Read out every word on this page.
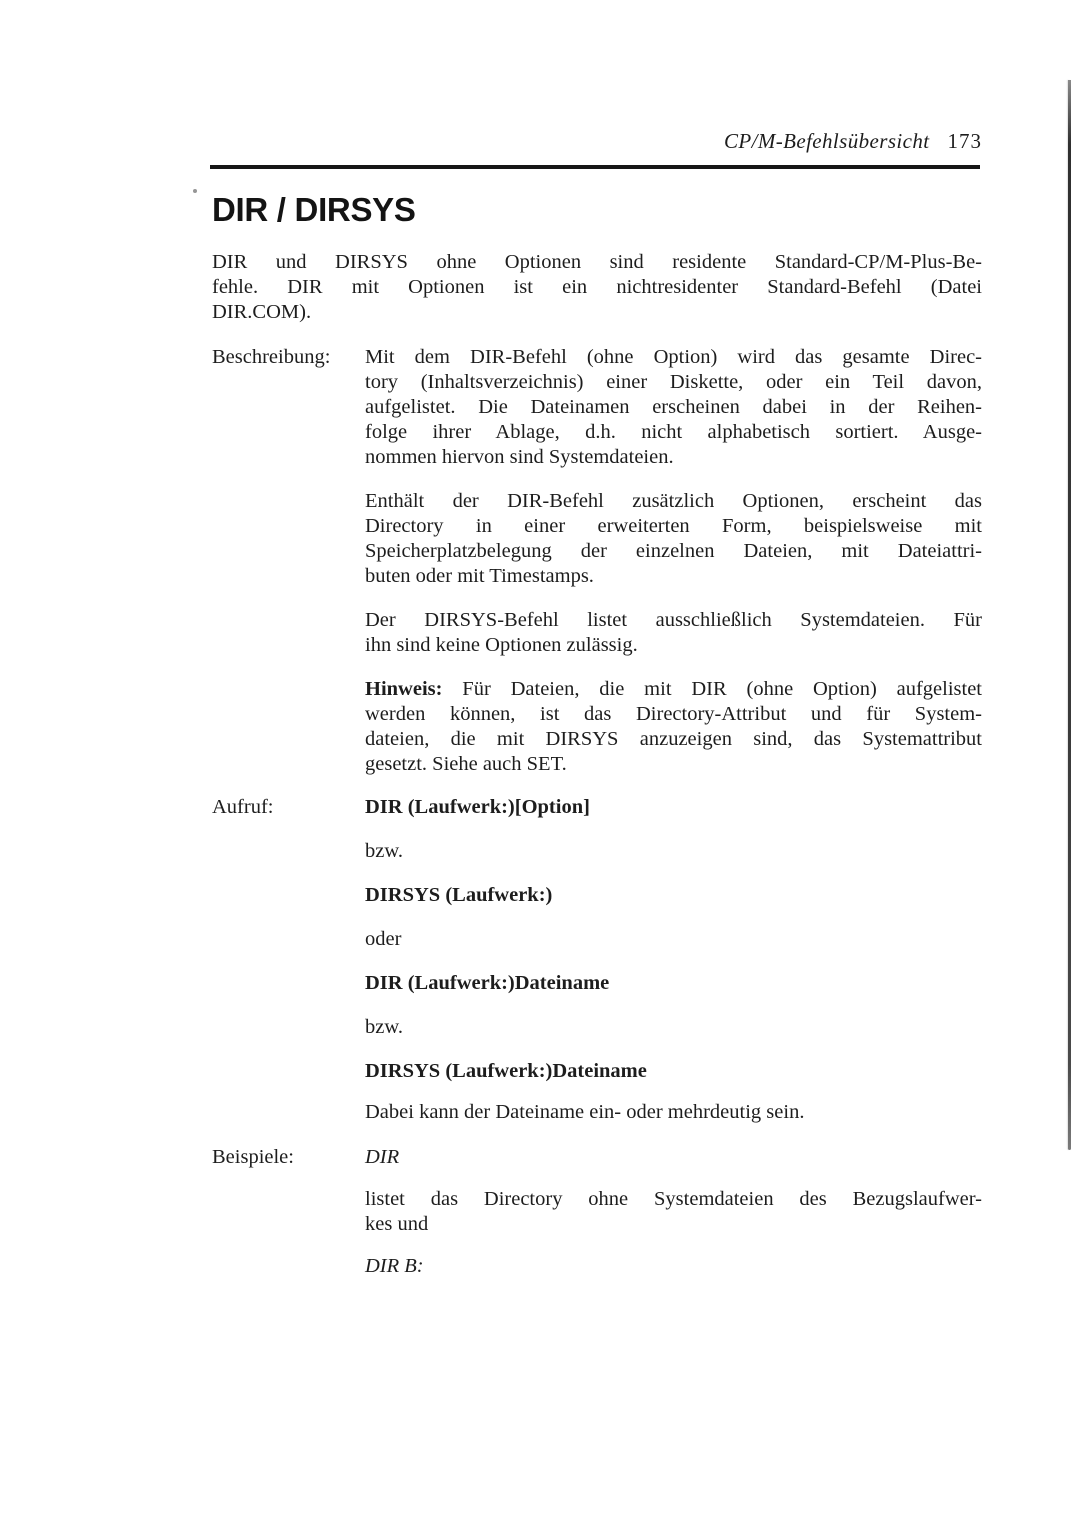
CP/M-Befehlsübersicht 173
DIR / DIRSYS
DIR und DIRSYS ohne Optionen sind residente Standard-CP/M-Plus-Be-
fehle. DIR mit Optionen ist ein nichtresidenter Standard-Befehl (Datei
DIR.COM).
Beschreibung:	Mit dem DIR-Befehl (ohne Option) wird das gesamte Direc-
tory (Inhaltsverzeichnis) einer Diskette, oder ein Teil davon,
aufgelistet. Die Dateinamen erscheinen dabei in der Reihen-
folge ihrer Ablage, d.h. nicht alphabetisch sortiert. Ausge-
nommen hiervon sind Systemdateien.
Enthält der DIR-Befehl zusätzlich Optionen, erscheint das
Directory in einer erweiterten Form, beispielsweise mit
Speicherplatzbelegung der einzelnen Dateien, mit Dateiattri-
buten oder mit Timestamps.
Der DIRSYS-Befehl listet ausschließlich Systemdateien. Für
ihn sind keine Optionen zulässig.
Hinweis: Für Dateien, die mit DIR (ohne Option) aufgelistet
werden können, ist das Directory-Attribut und für System-
dateien, die mit DIRSYS anzuzeigen sind, das Systemattribut
gesetzt. Siehe auch SET.
Aufruf:	DIR (Laufwerk:)[Option]
bzw.
DIRSYS (Laufwerk:)
oder
DIR (Laufwerk:)Dateiname
bzw.
DIRSYS (Laufwerk:)Dateiname
Dabei kann der Dateiname ein- oder mehrdeutig sein.
Beispiele:	DIR
listet das Directory ohne Systemdateien des Bezugslaufwer-
kes und
DIR B:
